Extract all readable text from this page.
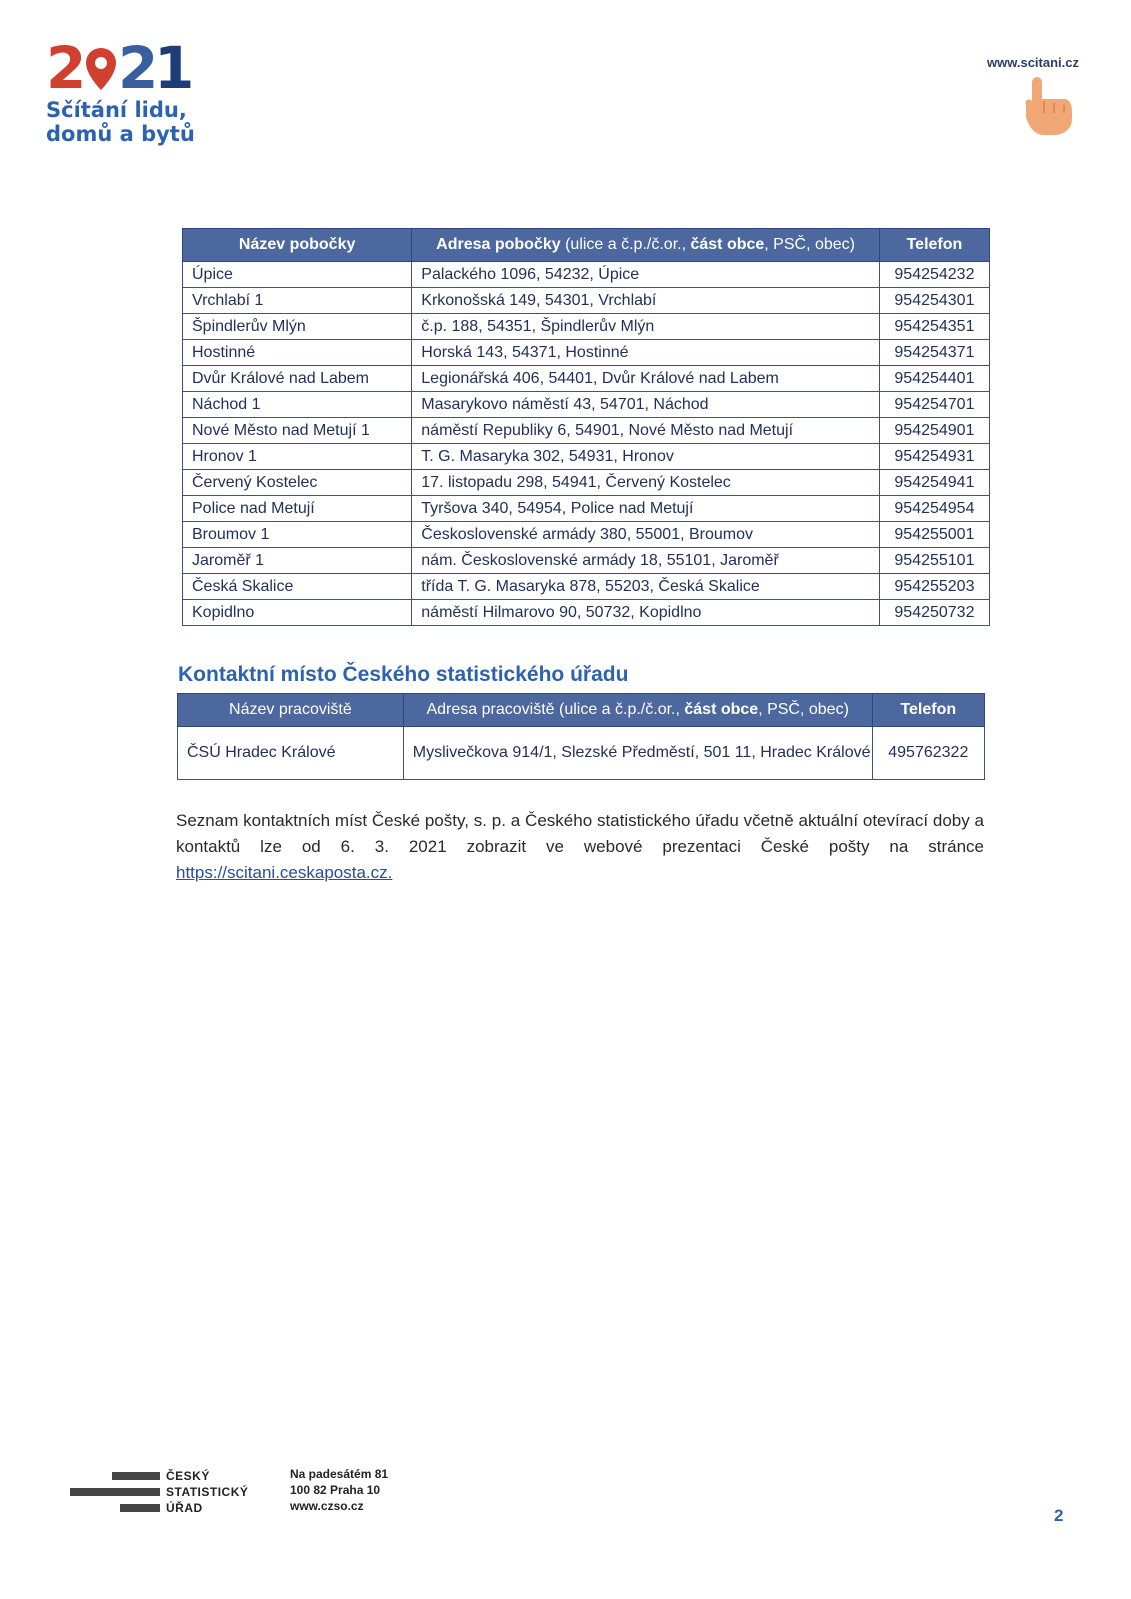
2 2
1
Sčítání lidu,
domů a bytů
www.scitani.cz
Název pobočky	Adresa pobočky (ulice a č.p./č.or., část obce, PSČ, obec)	Telefon
Úpice	Palackého 1096, 54232, Úpice	954254232
Vrchlabí 1	Krkonošská 149, 54301, Vrchlabí	954254301
Špindlerův Mlýn	č.p. 188, 54351, Špindlerův Mlýn	954254351
Hostinné	Horská 143, 54371, Hostinné	954254371
Dvůr Králové nad Labem	Legionářská 406, 54401, Dvůr Králové nad Labem	954254401
Náchod 1	Masarykovo náměstí 43, 54701, Náchod	954254701
Nové Město nad Metují 1	náměstí Republiky 6, 54901, Nové Město nad Metují	954254901
Hronov 1	T. G. Masaryka 302, 54931, Hronov	954254931
Červený Kostelec	17. listopadu 298, 54941, Červený Kostelec	954254941
Police nad Metují	Tyršova 340, 54954, Police nad Metují	954254954
Broumov 1	Československé armády 380, 55001, Broumov	954255001
Jaroměř 1	nám. Československé armády 18, 55101, Jaroměř	954255101
Česká Skalice	třída T. G. Masaryka 878, 55203, Česká Skalice	954255203
Kopidlno	náměstí Hilmarovo 90, 50732, Kopidlno	954250732
Kontaktní místo Českého statistického úřadu
Název pracoviště	Adresa pracoviště (ulice a č.p./č.or., část obce, PSČ, obec)	Telefon
ČSÚ Hradec Králové	Myslivečkova 914/1, Slezské Předměstí, 501 11, Hradec Králové	495762322
Seznam kontaktních míst České pošty, s. p. a Českého statistického úřadu včetně aktuální otevírací doby a kontaktů lze od 6. 3. 2021 zobrazit ve webové prezentaci České pošty na stránce https://scitani.ceskaposta.cz.
ČESKÝ
STATISTICKÝ
ÚŘAD
Na padesátém 81
100 82 Praha 10
www.czso.cz	2
